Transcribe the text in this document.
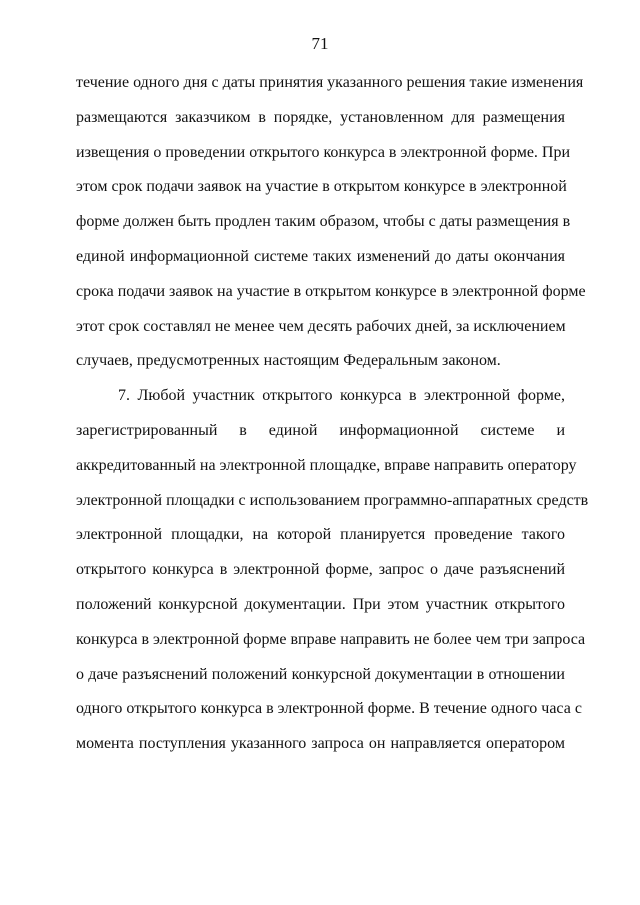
71
течение одного дня с даты принятия указанного решения такие изменения
размещаются заказчиком в порядке, установленном для размещения
извещения о проведении открытого конкурса в электронной форме. При
этом срок подачи заявок на участие в открытом конкурсе в электронной
форме должен быть продлен таким образом, чтобы с даты размещения в
единой информационной системе таких изменений до даты окончания
срока подачи заявок на участие в открытом конкурсе в электронной форме
этот срок составлял не менее чем десять рабочих дней, за исключением
случаев, предусмотренных настоящим Федеральным законом.
7. Любой участник открытого конкурса в электронной форме,
зарегистрированный в единой информационной системе и
аккредитованный на электронной площадке, вправе направить оператору
электронной площадки с использованием программно-аппаратных средств
электронной площадки, на которой планируется проведение такого
открытого конкурса в электронной форме, запрос о даче разъяснений
положений конкурсной документации. При этом участник открытого
конкурса в электронной форме вправе направить не более чем три запроса
о даче разъяснений положений конкурсной документации в отношении
одного открытого конкурса в электронной форме. В течение одного часа с
момента поступления указанного запроса он направляется оператором
